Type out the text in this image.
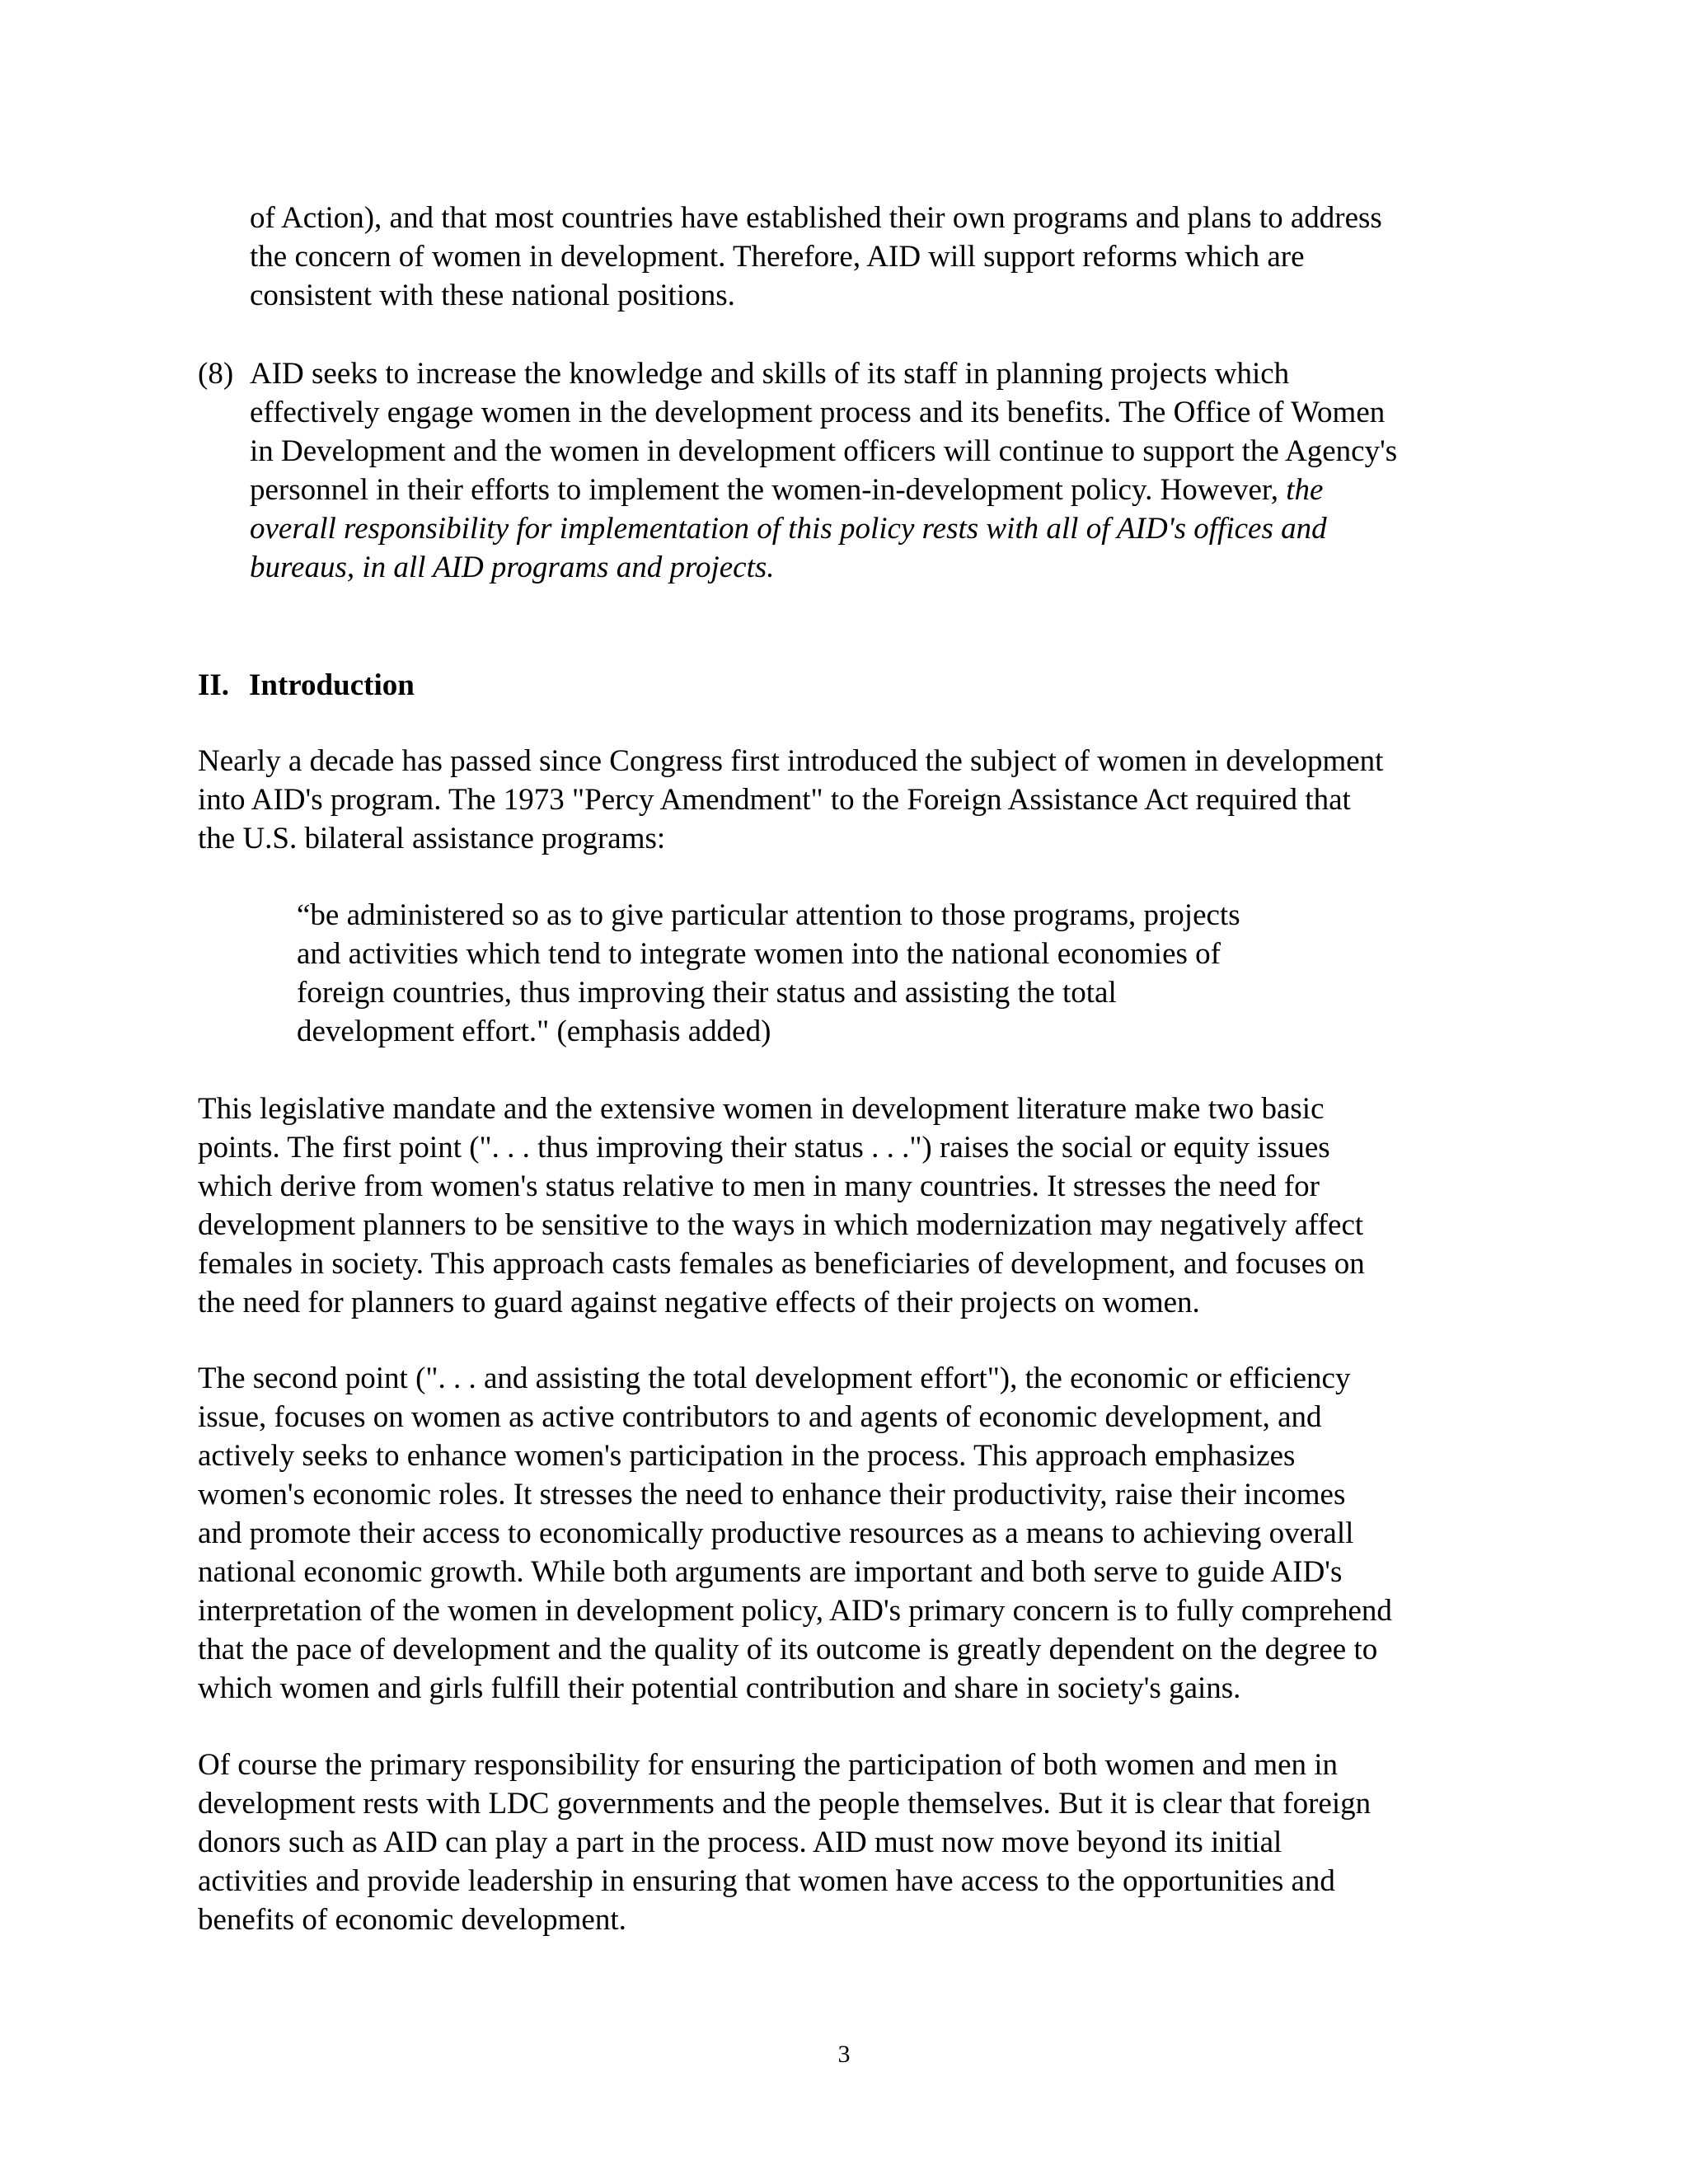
of Action), and that most countries have established their own programs and plans to address
the concern of women in development. Therefore, AID will support reforms which are
consistent with these national positions.
(8) AID seeks to increase the knowledge and skills of its staff in planning projects which
effectively engage women in the development process and its benefits. The Office of Women
in Development and the women in development officers will continue to support the Agency's
personnel in their efforts to implement the women-in-development policy. However, the
overall responsibility for implementation of this policy rests with all of AID's offices and
bureaus, in all AID programs and projects.
II. Introduction
Nearly a decade has passed since Congress first introduced the subject of women in development
into AID's program. The 1973 "Percy Amendment" to the Foreign Assistance Act required that
the U.S. bilateral assistance programs:
“be administered so as to give particular attention to those programs, projects
and activities which tend to integrate women into the national economies of
foreign countries, thus improving their status and assisting the total
development effort." (emphasis added)
This legislative mandate and the extensive women in development literature make two basic
points. The first point (". . . thus improving their status . . .") raises the social or equity issues
which derive from women's status relative to men in many countries. It stresses the need for
development planners to be sensitive to the ways in which modernization may negatively affect
females in society. This approach casts females as beneficiaries of development, and focuses on
the need for planners to guard against negative effects of their projects on women.
The second point (". . . and assisting the total development effort"), the economic or efficiency
issue, focuses on women as active contributors to and agents of economic development, and
actively seeks to enhance women's participation in the process. This approach emphasizes
women's economic roles. It stresses the need to enhance their productivity, raise their incomes
and promote their access to economically productive resources as a means to achieving overall
national economic growth. While both arguments are important and both serve to guide AID's
interpretation of the women in development policy, AID's primary concern is to fully comprehend
that the pace of development and the quality of its outcome is greatly dependent on the degree to
which women and girls fulfill their potential contribution and share in society's gains.
Of course the primary responsibility for ensuring the participation of both women and men in
development rests with LDC governments and the people themselves. But it is clear that foreign
donors such as AID can play a part in the process. AID must now move beyond its initial
activities and provide leadership in ensuring that women have access to the opportunities and
benefits of economic development.
3
